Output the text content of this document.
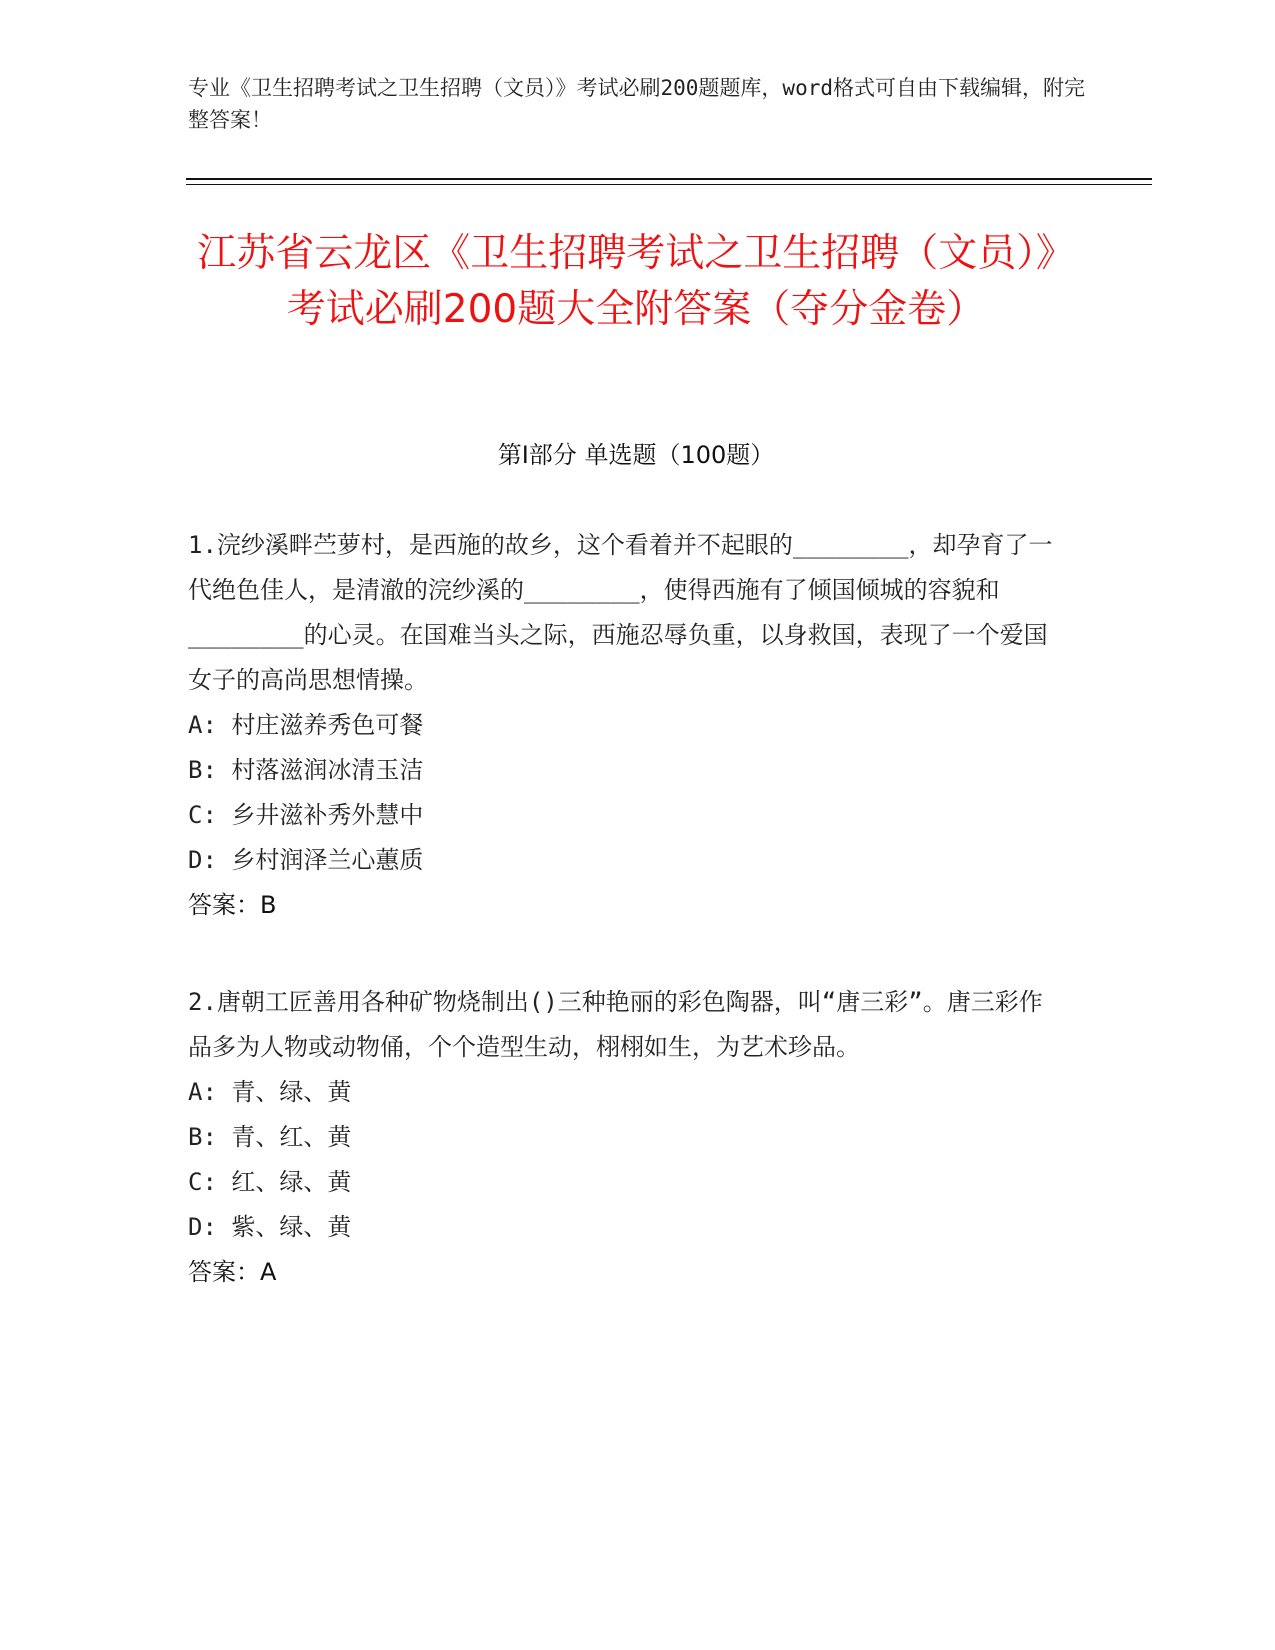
专业《卫生招聘考试之卫生招聘（文员）》考试必刷200题题库，word格式可自由下载编辑，附完整答案！
江苏省云龙区《卫生招聘考试之卫生招聘（文员）》考试必刷200题大全附答案（夺分金卷）
第I部分 单选题（100题）

1.浣纱溪畔苎萝村，是西施的故乡，这个看着并不起眼的________，却孕育了一代绝色佳人，是清澈的浣纱溪的________，使得西施有了倾国倾城的容貌和________的心灵。在国难当头之际，西施忍辱负重，以身救国，表现了一个爱国女子的高尚思想情操。

A: 村庄滋养秀色可餐

B: 村落滋润冰清玉洁

C: 乡井滋补秀外慧中

D: 乡村润泽兰心蕙质

答案：B

2.唐朝工匠善用各种矿物烧制出()三种艳丽的彩色陶器，叫“唐三彩”。唐三彩作品多为人物或动物俑，个个造型生动，栩栩如生，为艺术珍品。

A: 青、绿、黄

B: 青、红、黄

C: 红、绿、黄

D: 紫、绿、黄

答案：A
